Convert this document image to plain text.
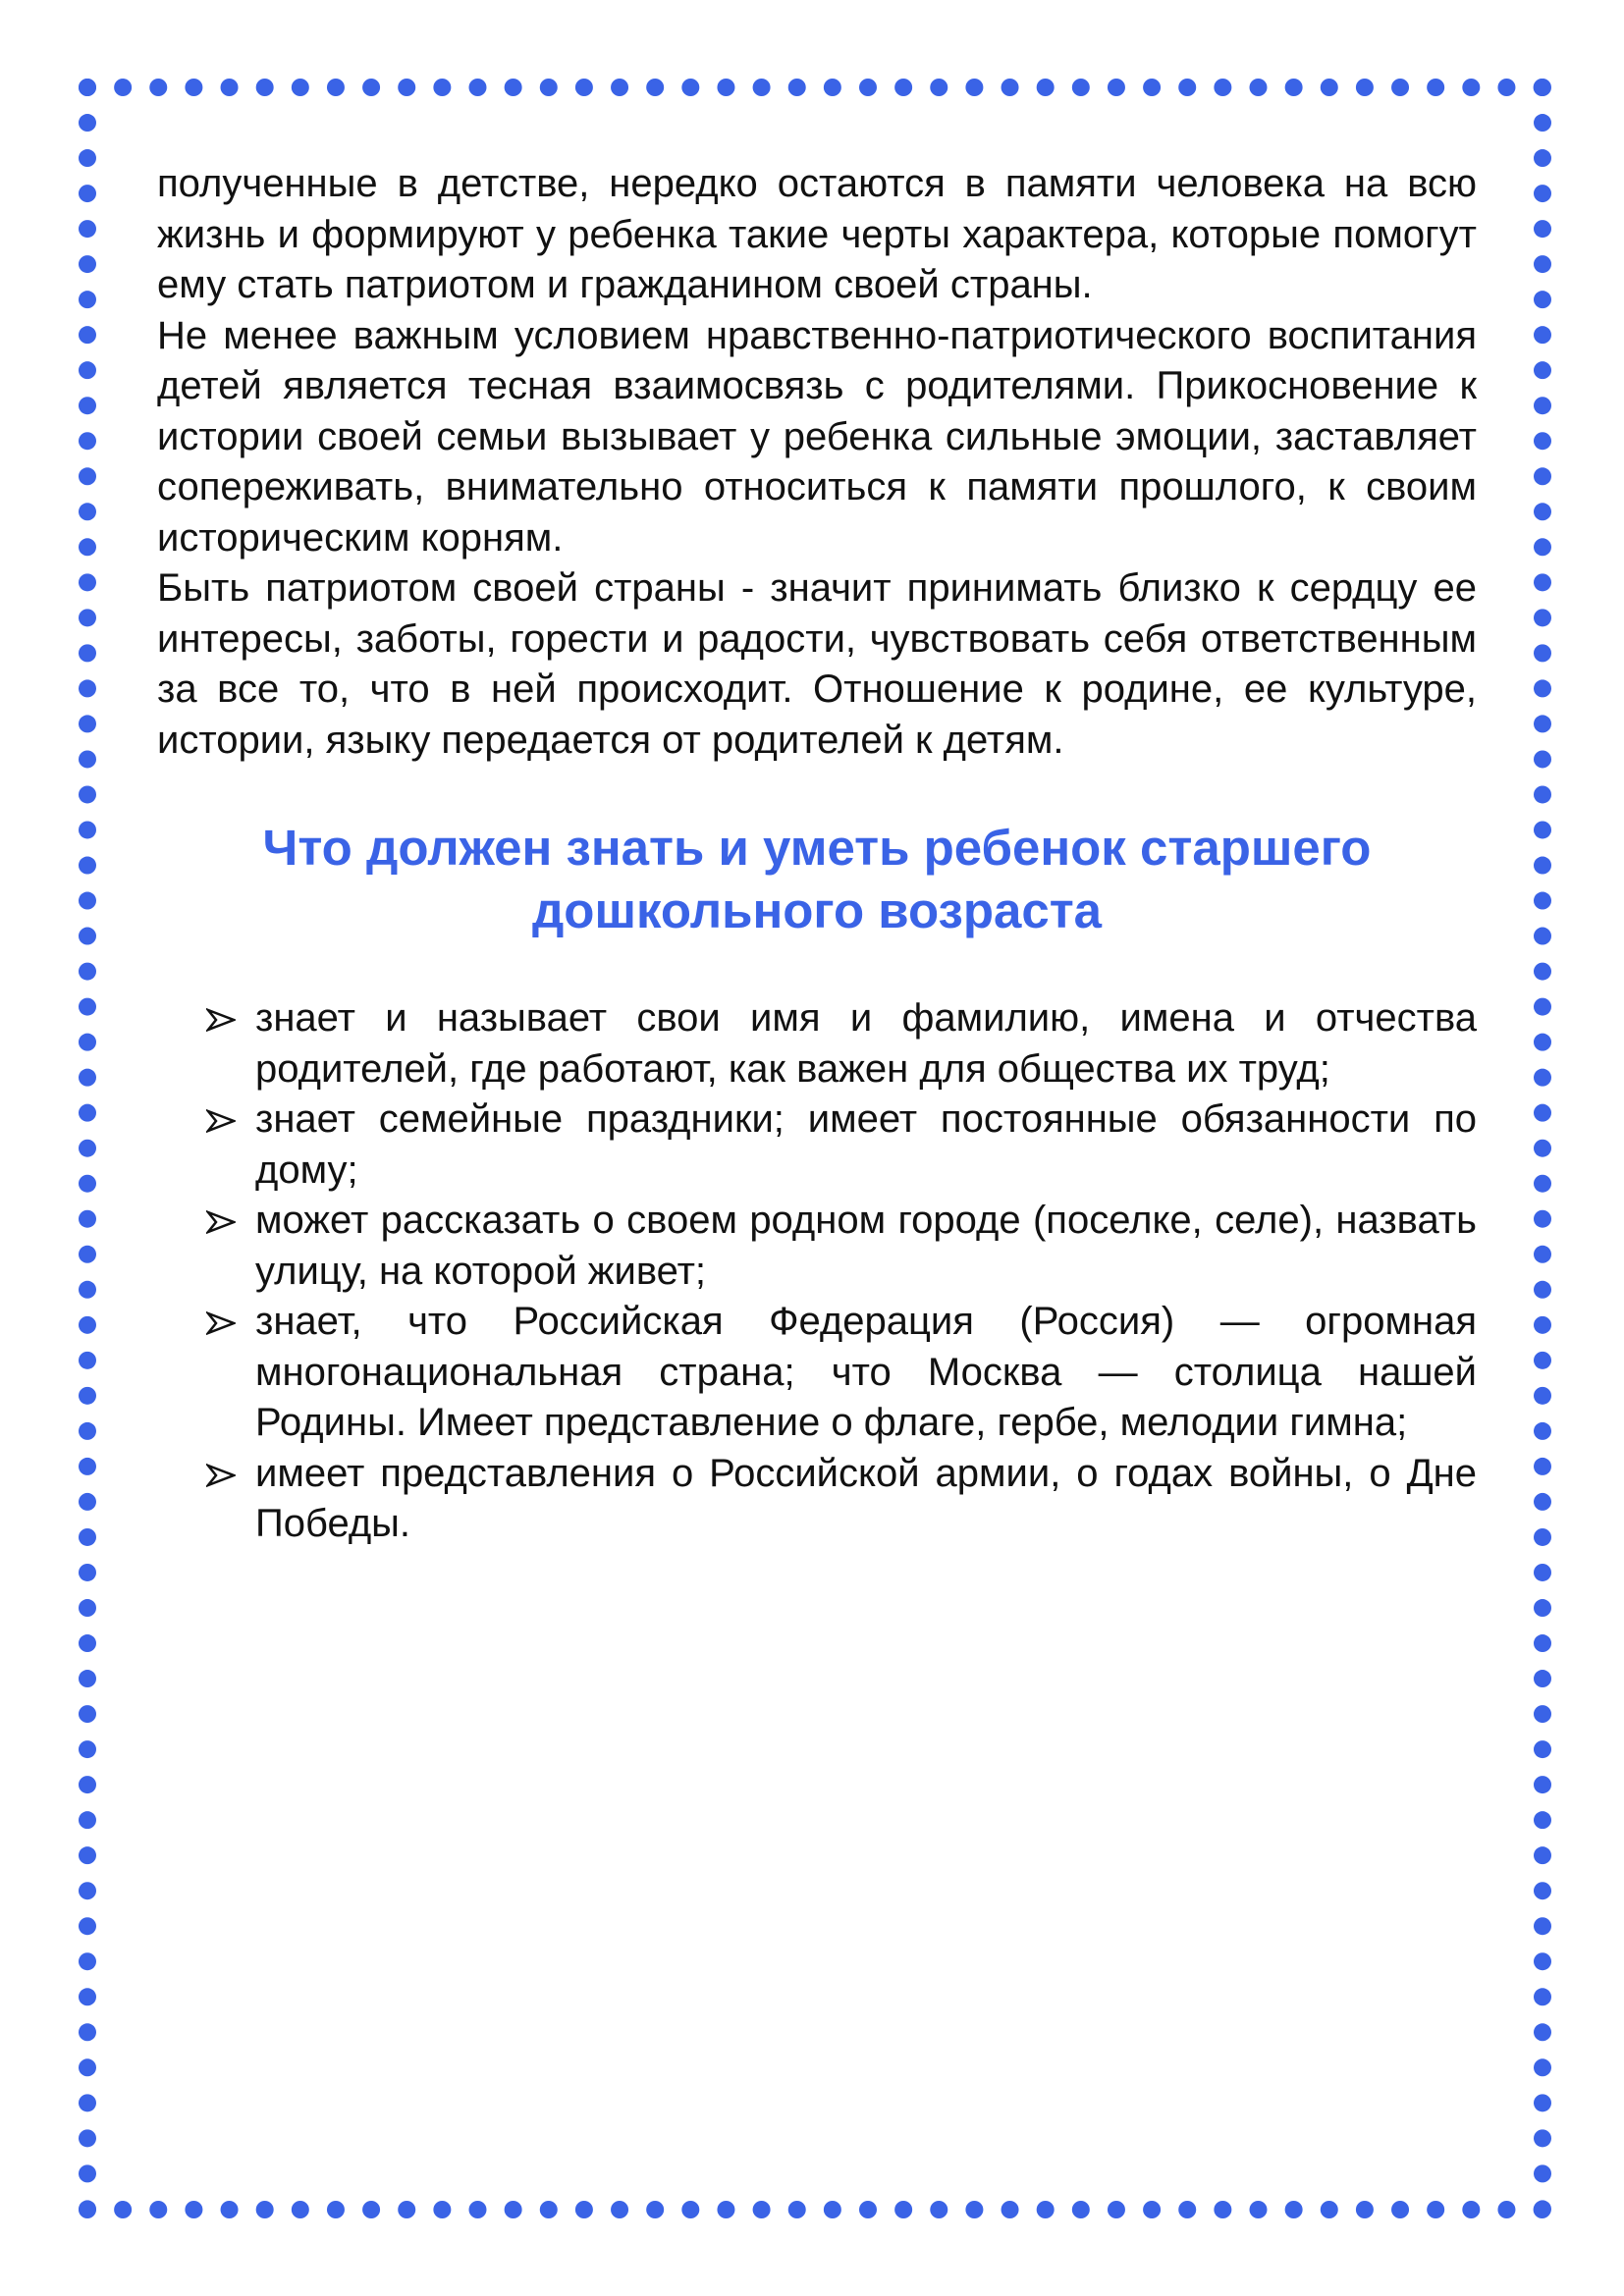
полученные в детстве, нередко остаются в памяти человека на всю жизнь и формируют у ребенка такие черты характера, которые помогут ему стать патриотом и гражданином своей страны.

Не менее важным условием нравственно-патриотического воспитания детей является тесная взаимосвязь с родителями. Прикосновение к истории своей семьи вызывает у ребенка сильные эмоции, заставляет сопереживать, внимательно относиться к памяти прошлого, к своим историческим корням.

Быть патриотом своей страны - значит принимать близко к сердцу ее интересы, заботы, горести и радости, чувствовать себя ответственным за все то, что в ней происходит. Отношение к родине, ее культуре, истории, языку передается от родителей к детям.

Что должен знать и уметь ребенок старшего
дошкольного возраста
знает и называет свои имя и фамилию, имена и отчества родителей, где работают, как важен для общества их труд;
знает семейные праздники; имеет постоянные обязанности по дому;
может рассказать о своем родном городе (поселке, селе), назвать улицу, на которой живет;
знает, что Российская Федерация (Россия) — огромная многонациональная страна; что Москва — столица нашей Родины. Имеет представление о флаге, гербе, мелодии гимна;
имеет представления о Российской армии, о годах войны, о Дне Победы.
